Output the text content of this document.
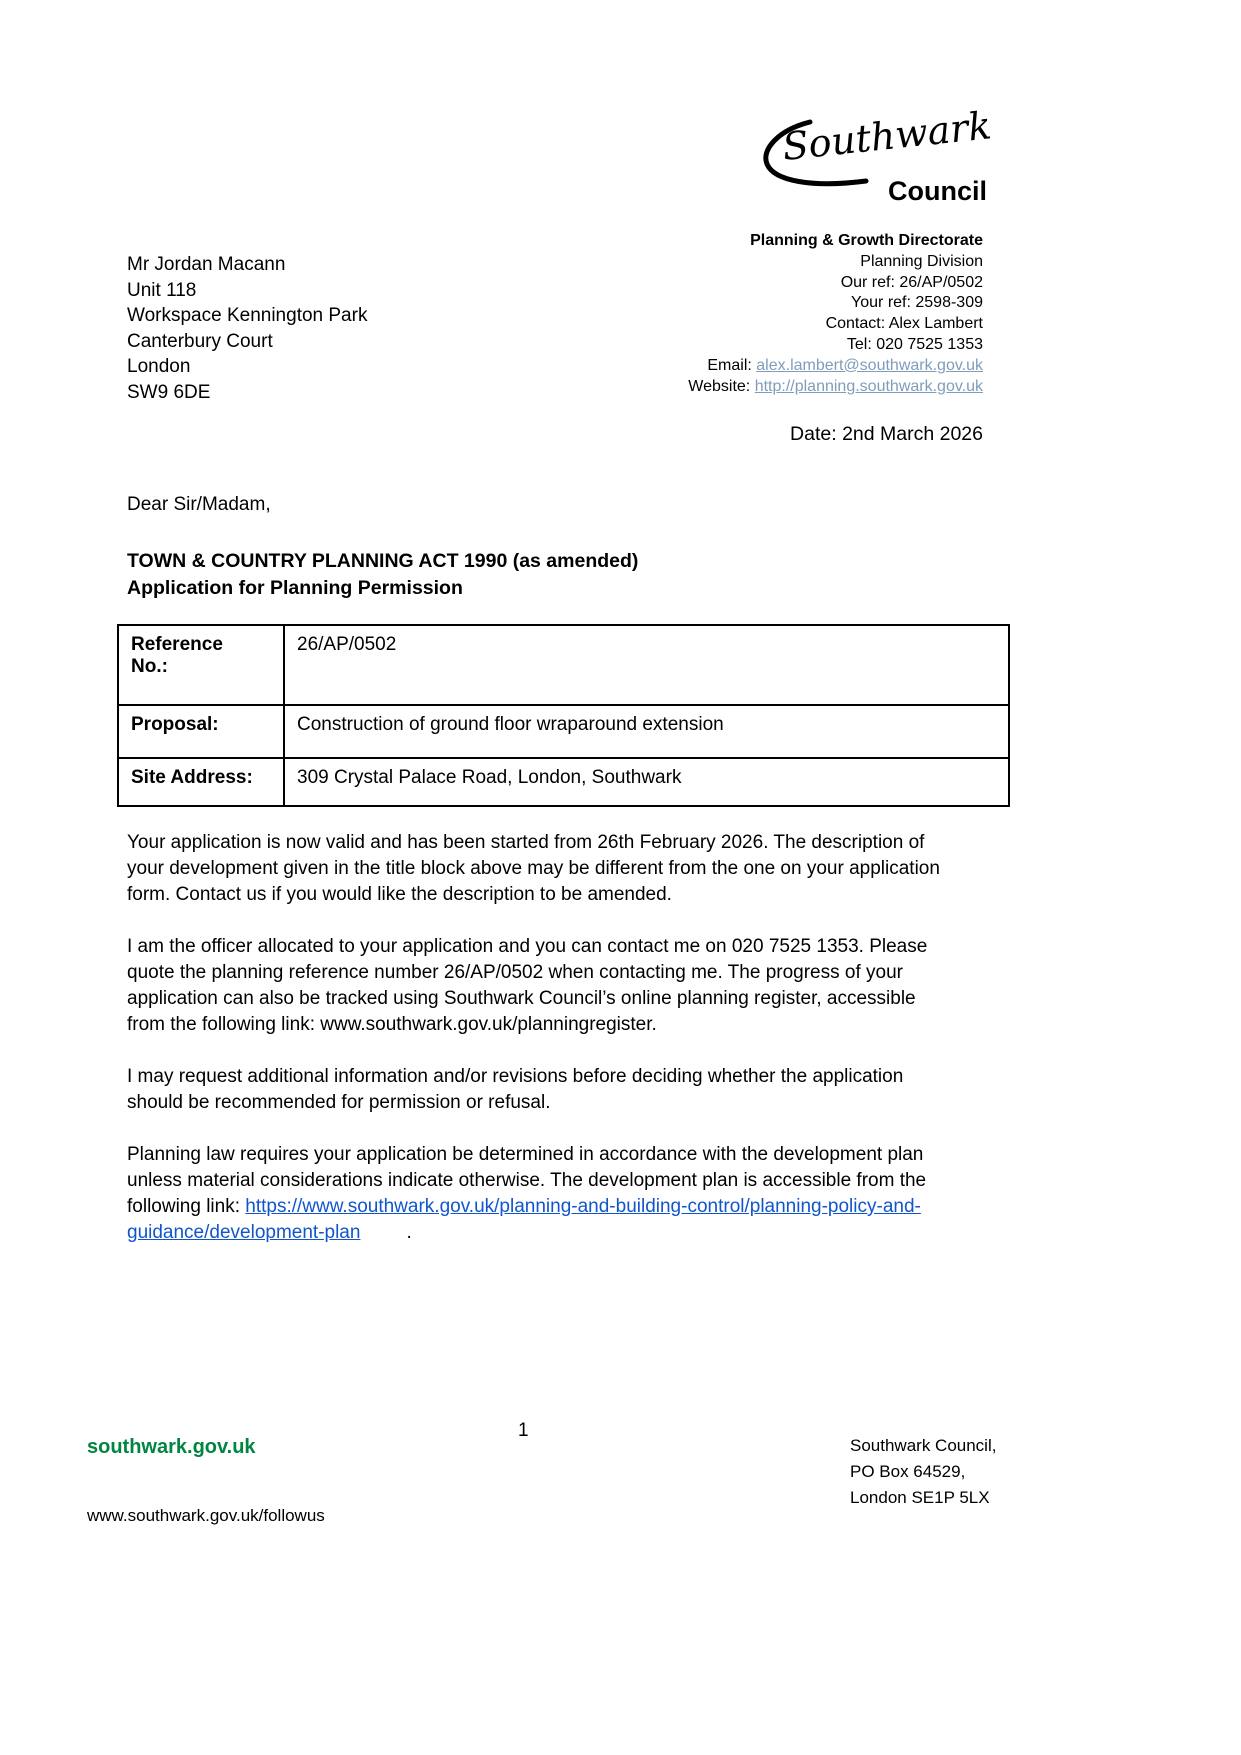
Southwark
Council
Mr Jordan Macann
Unit 118
Workspace Kennington Park
Canterbury Court
London
SW9 6DE
Planning & Growth Directorate
Planning Division
Our ref: 26/AP/0502
Your ref: 2598-309
Contact: Alex Lambert
Tel: 020 7525 1353
Email: alex.lambert@southwark.gov.uk
Website: http://planning.southwark.gov.uk
Date: 2nd March 2026
Dear Sir/Madam,
TOWN & COUNTRY PLANNING ACT 1990 (as amended)
Application for Planning Permission
Reference No.:	26/AP/0502
Proposal:	Construction of ground floor wraparound extension
Site Address:	309 Crystal Palace Road, London, Southwark
Your application is now valid and has been started from 26th February 2026. The description of your development given in the title block above may be different from the one on your application form. Contact us if you would like the description to be amended.
I am the officer allocated to your application and you can contact me on 020 7525 1353. Please quote the planning reference number 26/AP/0502 when contacting me. The progress of your application can also be tracked using Southwark Council’s online planning register, accessible from the following link: www.southwark.gov.uk/planningregister.
I may request additional information and/or revisions before deciding whether the application should be recommended for permission or refusal.
Planning law requires your application be determined in accordance with the development plan unless material considerations indicate otherwise. The development plan is accessible from the following link: https://www.southwark.gov.uk/planning-and-building-control/planning-policy-and-guidance/development-plan .
southwark.gov.uk
www.southwark.gov.uk/followus
1
Southwark Council,
PO Box 64529,
London SE1P 5LX
